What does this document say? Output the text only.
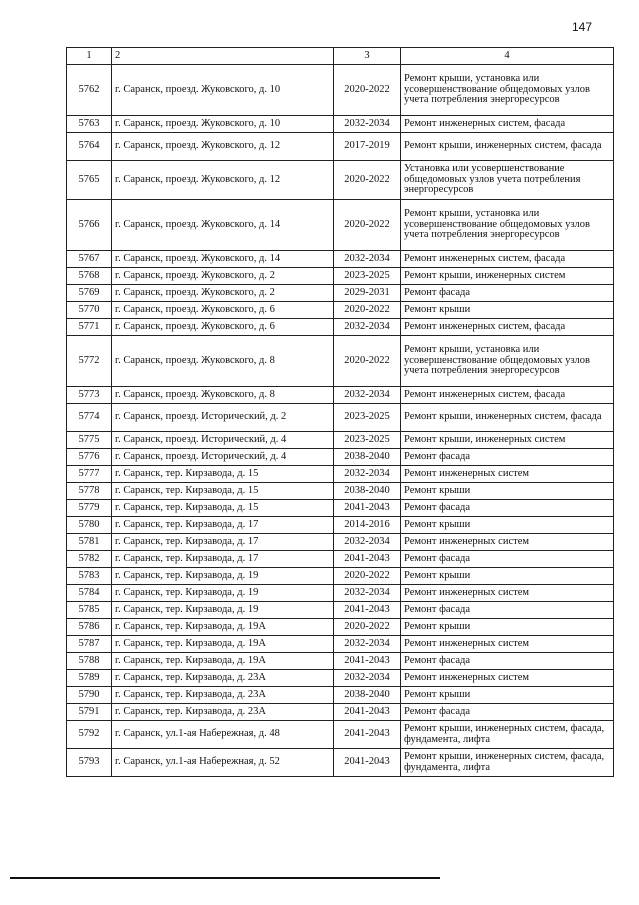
147
1	2	3	4
5762	г. Саранск, проезд. Жуковского, д. 10	2020-2022	Ремонт крыши, установка или усовершенствование общедомовых узлов учета потребления энергоресурсов
5763	г. Саранск, проезд. Жуковского, д. 10	2032-2034	Ремонт инженерных систем, фасада
5764	г. Саранск, проезд. Жуковского, д. 12	2017-2019	Ремонт крыши, инженерных систем, фасада
5765	г. Саранск, проезд. Жуковского, д. 12	2020-2022	Установка или усовершенствование общедомовых узлов учета потребления энергоресурсов
5766	г. Саранск, проезд. Жуковского, д. 14	2020-2022	Ремонт крыши, установка или усовершенствование общедомовых узлов учета потребления энергоресурсов
5767	г. Саранск, проезд. Жуковского, д. 14	2032-2034	Ремонт инженерных систем, фасада
5768	г. Саранск, проезд. Жуковского, д. 2	2023-2025	Ремонт крыши, инженерных систем
5769	г. Саранск, проезд. Жуковского, д. 2	2029-2031	Ремонт фасада
5770	г. Саранск, проезд. Жуковского, д. 6	2020-2022	Ремонт крыши
5771	г. Саранск, проезд. Жуковского, д. 6	2032-2034	Ремонт инженерных систем, фасада
5772	г. Саранск, проезд. Жуковского, д. 8	2020-2022	Ремонт крыши, установка или усовершенствование общедомовых узлов учета потребления энергоресурсов
5773	г. Саранск, проезд. Жуковского, д. 8	2032-2034	Ремонт инженерных систем, фасада
5774	г. Саранск, проезд. Исторический, д. 2	2023-2025	Ремонт крыши, инженерных систем, фасада
5775	г. Саранск, проезд. Исторический, д. 4	2023-2025	Ремонт крыши, инженерных систем
5776	г. Саранск, проезд. Исторический, д. 4	2038-2040	Ремонт фасада
5777	г. Саранск, тер. Кирзавода, д. 15	2032-2034	Ремонт инженерных систем
5778	г. Саранск, тер. Кирзавода, д. 15	2038-2040	Ремонт крыши
5779	г. Саранск, тер. Кирзавода, д. 15	2041-2043	Ремонт фасада
5780	г. Саранск, тер. Кирзавода, д. 17	2014-2016	Ремонт крыши
5781	г. Саранск, тер. Кирзавода, д. 17	2032-2034	Ремонт инженерных систем
5782	г. Саранск, тер. Кирзавода, д. 17	2041-2043	Ремонт фасада
5783	г. Саранск, тер. Кирзавода, д. 19	2020-2022	Ремонт крыши
5784	г. Саранск, тер. Кирзавода, д. 19	2032-2034	Ремонт инженерных систем
5785	г. Саранск, тер. Кирзавода, д. 19	2041-2043	Ремонт фасада
5786	г. Саранск, тер. Кирзавода, д. 19А	2020-2022	Ремонт крыши
5787	г. Саранск, тер. Кирзавода, д. 19А	2032-2034	Ремонт инженерных систем
5788	г. Саранск, тер. Кирзавода, д. 19А	2041-2043	Ремонт фасада
5789	г. Саранск, тер. Кирзавода, д. 23А	2032-2034	Ремонт инженерных систем
5790	г. Саранск, тер. Кирзавода, д. 23А	2038-2040	Ремонт крыши
5791	г. Саранск, тер. Кирзавода, д. 23А	2041-2043	Ремонт фасада
5792	г. Саранск, ул.1-ая Набережная, д. 48	2041-2043	Ремонт крыши, инженерных систем, фасада, фундамента, лифта
5793	г. Саранск, ул.1-ая Набережная, д. 52	2041-2043	Ремонт крыши, инженерных систем, фасада, фундамента, лифта
